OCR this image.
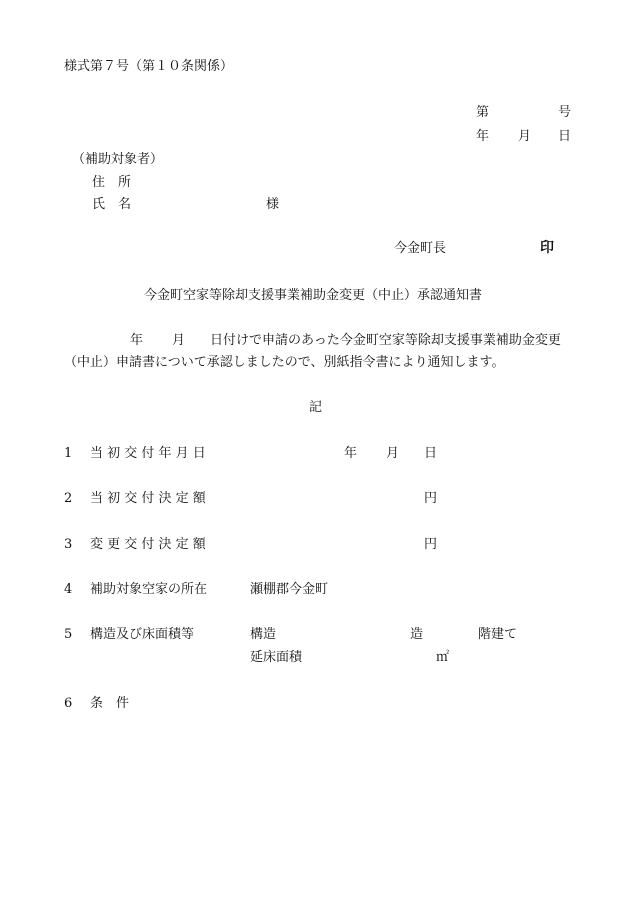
様式第７号（第１０条関係）
第	号
年 月 日
（補助対象者）
住　所
氏　名	様
今金町長	印
今金町空家等除却支援事業補助金変更（中止）承認通知書
年 月 日付けで申請のあった今金町空家等除却支援事業補助金変更
（中止）申請書について承認しましたので、別紙指令書により通知します。
記
1 当 初 交 付 年 月 日	年 月 日
2 当 初 交 付 決 定 額	円
3 変 更 交 付 決 定 額	円
4 補助対象空家の所在	瀬棚郡今金町
5 構造及び床面積等	構造	造	階建て
延床面積	㎡
6 条　件
